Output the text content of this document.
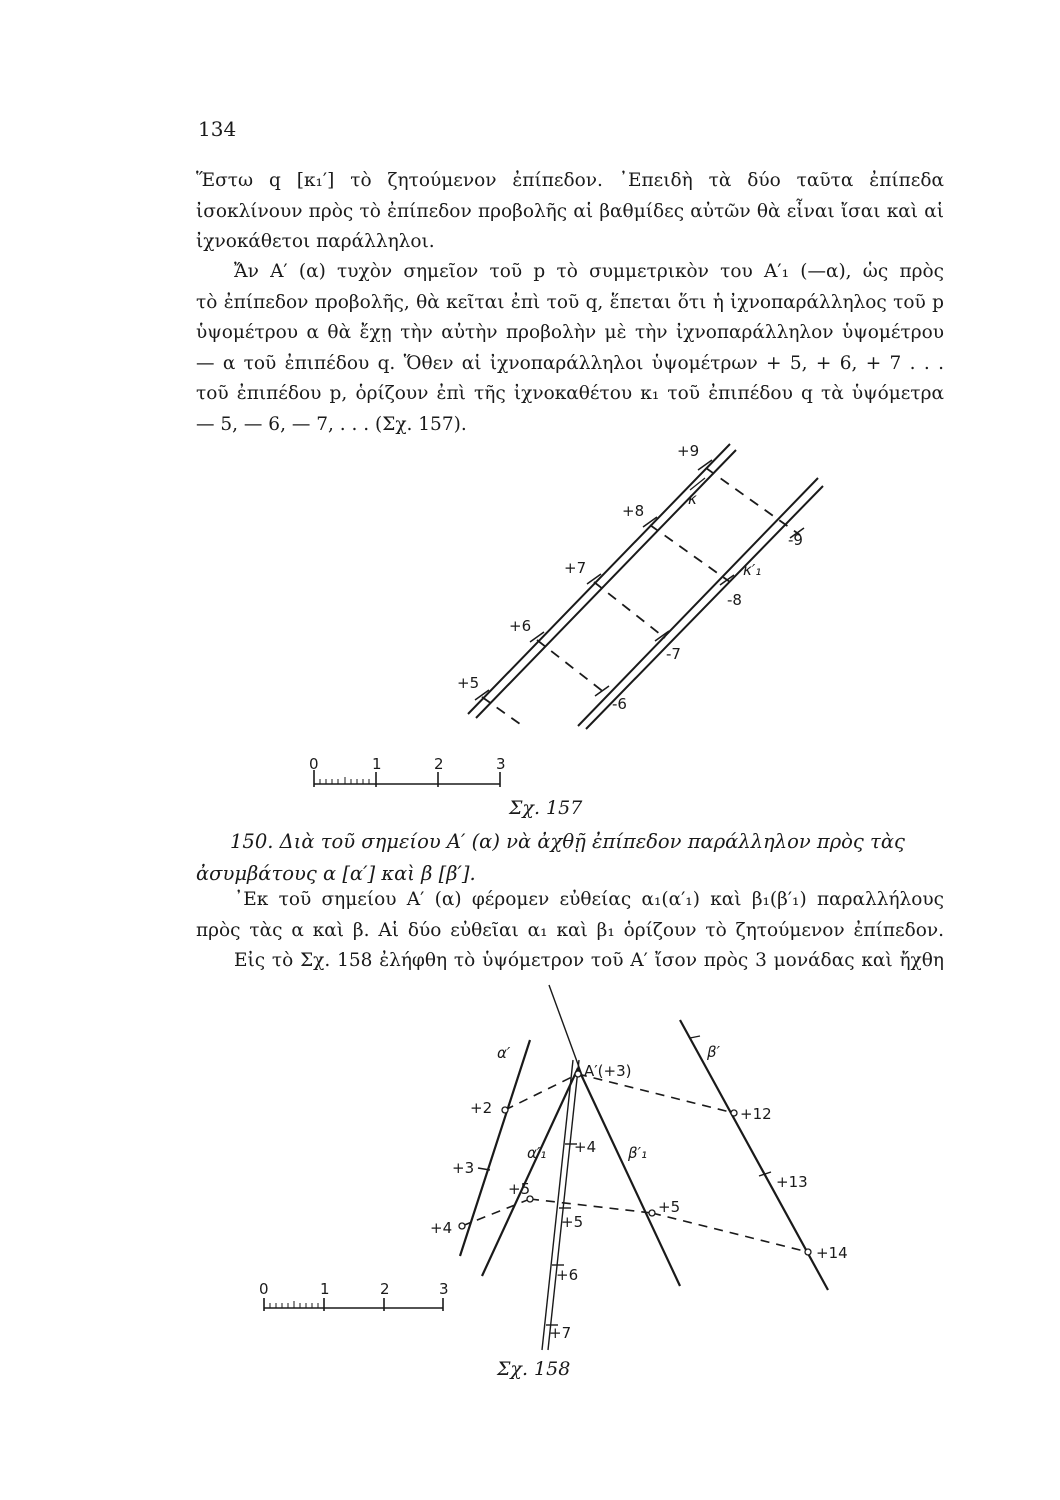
134
Ἕστω q [κ₁′] τὸ ζητούμενον ἐπίπεδον. ᾿Επειδὴ τὰ δύο ταῦτα ἐπίπεδα
ἰσοκλίνουν πρὸς τὸ ἐπίπεδον προβολῆς αἱ βαθμίδες αὐτῶν θὰ εἶναι ἴσαι καὶ αἱ
ἰχνοκάθετοι παράλληλοι.
Ἄν Α′ (α) τυχὸν σημεῖον τοῦ p τὸ συμμετρικὸν του Α′₁ (—α), ὡς πρὸς
τὸ ἐπίπεδον προβολῆς, θὰ κεῖται ἐπὶ τοῦ q, ἕπεται ὅτι ἡ ἰχνοπαράλληλος τοῦ p
ὑψομέτρου α θὰ ἔχῃ τὴν αὐτὴν προβολὴν μὲ τὴν ἰχνοπαράλληλον ὑψομέτρου
— α τοῦ ἐπιπέδου q. Ὅθεν αἱ ἰχνοπαράλληλοι ὑψομέτρων + 5, + 6, + 7 . . .
τοῦ ἐπιπέδου p, ὁρίζουν ἐπὶ τῆς ἰχνοκαθέτου κ₁ τοῦ ἐπιπέδου q τὰ ὑψόμετρα
— 5, — 6, — 7, . . . (Σχ. 157).
+9
+8
+7
+6
+5
-9
-8
-7
-6
κ
κ′₁
0	1	2	3
Σχ. 157
150. Διὰ τοῦ σημείου Α′ (α) νὰ ἀχθῇ ἐπίπεδον παράλληλον πρὸς τὰς
ἀσυμβάτους α [α′] καὶ β [β′].
᾿Εκ τοῦ σημείου Α′ (α) φέρομεν εὐθείας α₁(α′₁) καὶ β₁(β′₁) παραλλήλους
πρὸς τὰς α καὶ β. Αἱ δύο εὐθεῖαι α₁ καὶ β₁ ὁρίζουν τὸ ζητούμενον ἐπίπεδον.
Εἰς τὸ Σχ. 158 ἐλήφθη τὸ ὑψόμετρον τοῦ Α′ ἴσον πρὸς 3 μονάδας καὶ ἤχθη
α′	β′
Α′(+3)
α′₁	β′₁
+2
+3
+4
+4
+5
+5
+6
+7
+5
+12
+13
+14
0	1	2	3
Σχ. 158
